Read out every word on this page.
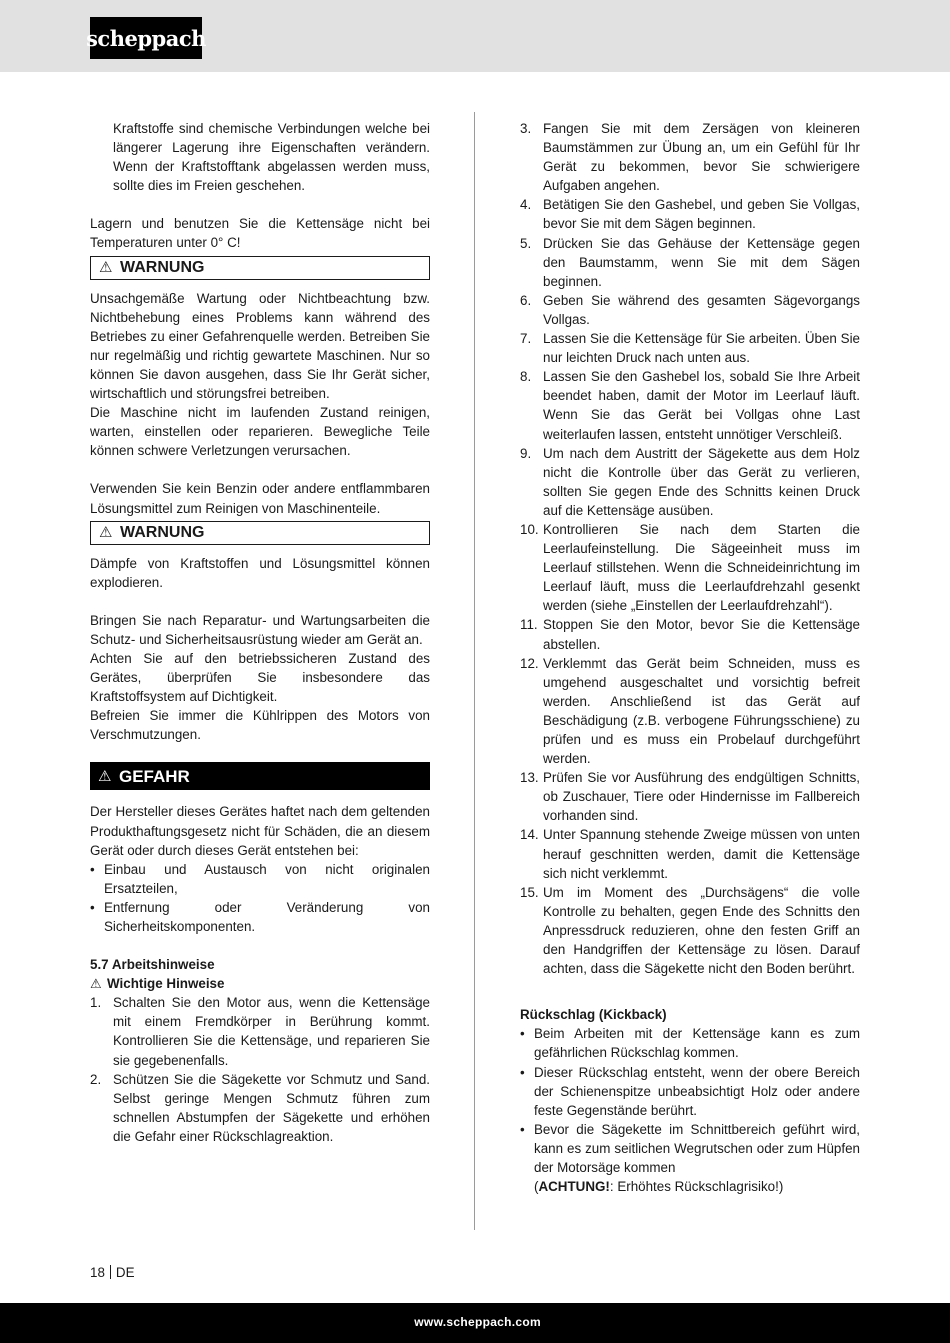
scheppach

Kraftstoffe sind chemische Verbindungen welche bei längerer Lagerung ihre Eigenschaften verändern. Wenn der Kraftstofftank abgelassen werden muss, sollte dies im Freien geschehen.

Lagern und benutzen Sie die Kettensäge nicht bei Temperaturen unter 0° C!

⚠ WARNUNG

Unsachgemäße Wartung oder Nichtbeachtung bzw. Nichtbehebung eines Problems kann während des Betriebes zu einer Gefahrenquelle werden. Betreiben Sie nur regelmäßig und richtig gewartete Maschinen. Nur so können Sie davon ausgehen, dass Sie Ihr Gerät sicher, wirtschaftlich und störungsfrei betreiben.

Die Maschine nicht im laufenden Zustand reinigen, warten, einstellen oder reparieren. Bewegliche Teile können schwere Verletzungen verursachen.

Verwenden Sie kein Benzin oder andere entflammbaren Lösungsmittel zum Reinigen von Maschinenteile.

⚠ WARNUNG

Dämpfe von Kraftstoffen und Lösungsmittel können explodieren.

Bringen Sie nach Reparatur- und Wartungsarbeiten die Schutz- und Sicherheitsausrüstung wieder am Gerät an.

Achten Sie auf den betriebssicheren Zustand des Gerätes, überprüfen Sie insbesondere das Kraftstoffsystem auf Dichtigkeit.

Befreien Sie immer die Kühlrippen des Motors von Verschmutzungen.

⚠ GEFAHR

Der Hersteller dieses Gerätes haftet nach dem geltenden Produkthaftungsgesetz nicht für Schäden, die an diesem Gerät oder durch dieses Gerät entstehen bei:

• Einbau und Austausch von nicht originalen Ersatzteilen,
• Entfernung oder Veränderung von Sicherheitskomponenten.

5.7 Arbeitshinweise

⚠ Wichtige Hinweise

1. Schalten Sie den Motor aus, wenn die Kettensäge mit einem Fremdkörper in Berührung kommt. Kontrollieren Sie die Kettensäge, und reparieren Sie sie gegebenenfalls.
2. Schützen Sie die Sägekette vor Schmutz und Sand. Selbst geringe Mengen Schmutz führen zum schnellen Abstumpfen der Sägekette und erhöhen die Gefahr einer Rückschlagreaktion.
3. Fangen Sie mit dem Zersägen von kleineren Baumstämmen zur Übung an, um ein Gefühl für Ihr Gerät zu bekommen, bevor Sie schwierigere Aufgaben angehen.
4. Betätigen Sie den Gashebel, und geben Sie Vollgas, bevor Sie mit dem Sägen beginnen.
5. Drücken Sie das Gehäuse der Kettensäge gegen den Baumstamm, wenn Sie mit dem Sägen beginnen.
6. Geben Sie während des gesamten Sägevorgangs Vollgas.
7. Lassen Sie die Kettensäge für Sie arbeiten. Üben Sie nur leichten Druck nach unten aus.
8. Lassen Sie den Gashebel los, sobald Sie Ihre Arbeit beendet haben, damit der Motor im Leerlauf läuft. Wenn Sie das Gerät bei Vollgas ohne Last weiterlaufen lassen, entsteht unnötiger Verschleiß.
9. Um nach dem Austritt der Sägekette aus dem Holz nicht die Kontrolle über das Gerät zu verlieren, sollten Sie gegen Ende des Schnitts keinen Druck auf die Kettensäge ausüben.
10. Kontrollieren Sie nach dem Starten die Leerlaufeinstellung. Die Sägeeinheit muss im Leerlauf stillstehen. Wenn die Schneideinrichtung im Leerlauf läuft, muss die Leerlaufdrehzahl gesenkt werden (siehe „Einstellen der Leerlaufdrehzahl“).
11. Stoppen Sie den Motor, bevor Sie die Kettensäge abstellen.
12. Verklemmt das Gerät beim Schneiden, muss es umgehend ausgeschaltet und vorsichtig befreit werden. Anschließend ist das Gerät auf Beschädigung (z.B. verbogene Führungsschiene) zu prüfen und es muss ein Probelauf durchgeführt werden.
13. Prüfen Sie vor Ausführung des endgültigen Schnitts, ob Zuschauer, Tiere oder Hindernisse im Fallbereich vorhanden sind.
14. Unter Spannung stehende Zweige müssen von unten herauf geschnitten werden, damit die Kettensäge sich nicht verklemmt.
15. Um im Moment des „Durchsägens“ die volle Kontrolle zu behalten, gegen Ende des Schnitts den Anpressdruck reduzieren, ohne den festen Griff an den Handgriffen der Kettensäge zu lösen. Darauf achten, dass die Sägekette nicht den Boden berührt.

Rückschlag (Kickback)

• Beim Arbeiten mit der Kettensäge kann es zum gefährlichen Rückschlag kommen.
• Dieser Rückschlag entsteht, wenn der obere Bereich der Schienenspitze unbeabsichtigt Holz oder andere feste Gegenstände berührt.
• Bevor die Sägekette im Schnittbereich geführt wird, kann es zum seitlichen Wegrutschen oder zum Hüpfen der Motorsäge kommen
(ACHTUNG!: Erhöhtes Rückschlagrisiko!)
18 DE
www.scheppach.com
